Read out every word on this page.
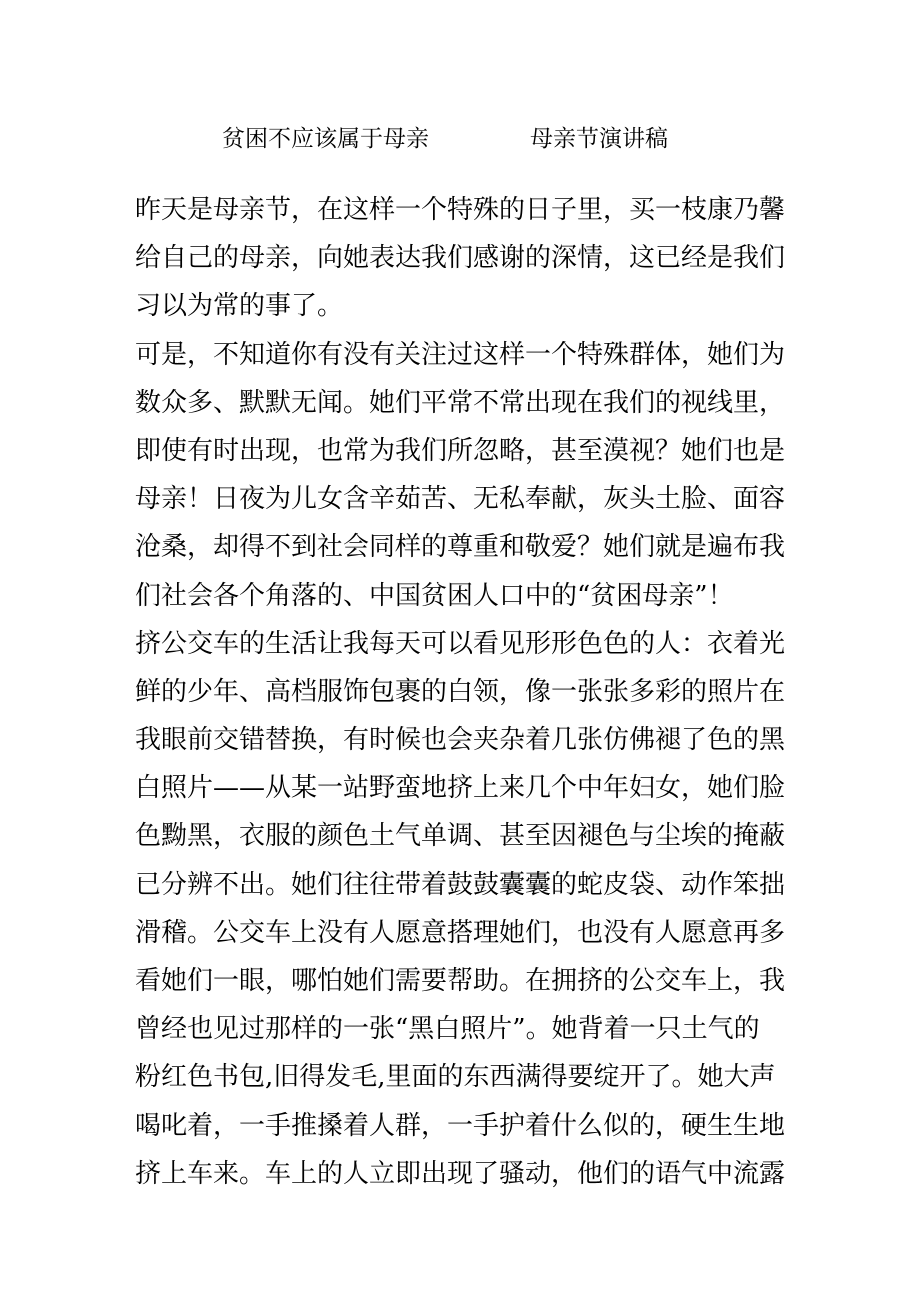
贫困不应该属于母亲	母亲节演讲稿
昨天是母亲节，在这样一个特殊的日子里，买一枝康乃馨
给自己的母亲，向她表达我们感谢的深情，这已经是我们
习以为常的事了。
可是，不知道你有没有关注过这样一个特殊群体，她们为
数众多、默默无闻。她们平常不常出现在我们的视线里，
即使有时出现，也常为我们所忽略，甚至漠视？她们也是
母亲！日夜为儿女含辛茹苦、无私奉献，灰头土脸、面容
沧桑，却得不到社会同样的尊重和敬爱？她们就是遍布我
们社会各个角落的、中国贫困人口中的“贫困母亲”！
挤公交车的生活让我每天可以看见形形色色的人：衣着光
鲜的少年、高档服饰包裹的白领，像一张张多彩的照片在
我眼前交错替换，有时候也会夹杂着几张仿佛褪了色的黑
白照片——从某一站野蛮地挤上来几个中年妇女，她们脸
色黝黑，衣服的颜色土气单调、甚至因褪色与尘埃的掩蔽
已分辨不出。她们往往带着鼓鼓囊囊的蛇皮袋、动作笨拙
滑稽。公交车上没有人愿意搭理她们，也没有人愿意再多
看她们一眼，哪怕她们需要帮助。在拥挤的公交车上，我
曾经也见过那样的一张“黑白照片”。她背着一只土气的
粉红色书包,旧得发毛,里面的东西满得要绽开了。她大声
喝叱着，一手推搡着人群，一手护着什么似的，硬生生地
挤上车来。车上的人立即出现了骚动，他们的语气中流露
